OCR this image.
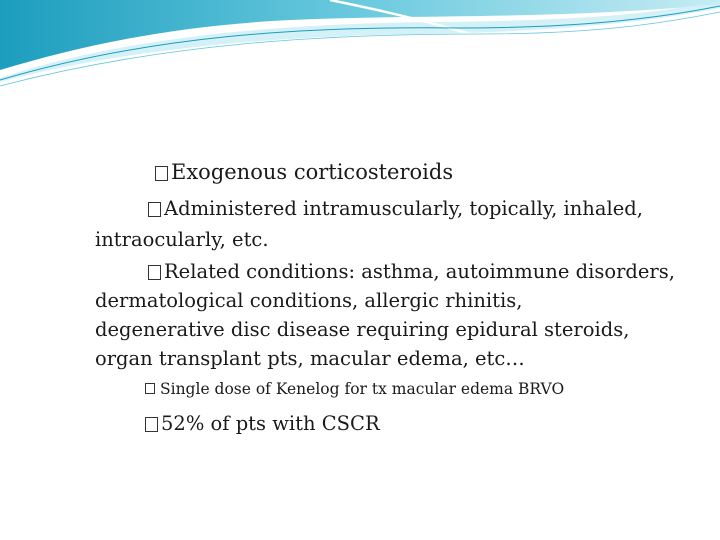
Exogenous corticosteroids
Administered intramuscularly, topically, inhaled,
intraocularly, etc.
Related conditions: asthma, autoimmune disorders,
dermatological conditions, allergic rhinitis,
degenerative disc disease requiring epidural steroids,
organ transplant pts, macular edema, etc…
Single dose of Kenelog for tx macular edema BRVO
52% of pts with CSCR
